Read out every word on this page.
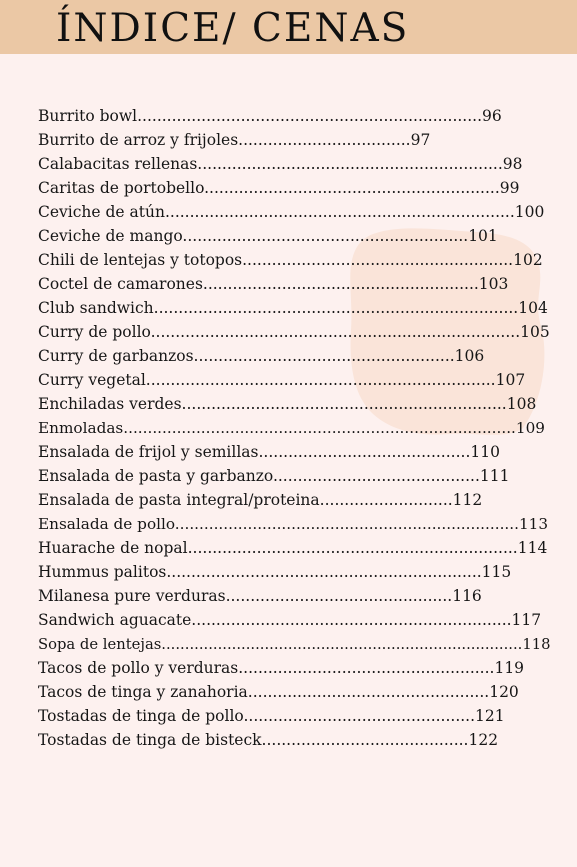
ÍNDICE/ CENAS
Burrito bowl......................................................................96
Burrito de arroz y frijoles...................................97
Calabacitas rellenas..............................................................98
Caritas de portobello............................................................99
Ceviche de atún.......................................................................100
Ceviche de mango..........................................................101
Chili de lentejas y totopos.......................................................102
Coctel de camarones........................................................103
Club sandwich..........................................................................104
Curry de pollo...........................................................................105
Curry de garbanzos.....................................................106
Curry vegetal.......................................................................107
Enchiladas verdes..................................................................108
Enmoladas.................................................................................109
Ensalada de frijol y semillas...........................................110
Ensalada de pasta y garbanzo..........................................111
Ensalada de pasta integral/proteina...........................112
Ensalada de pollo.......................................................................113
Huarache de nopal...................................................................114
Hummus palitos................................................................115
Milanesa pure verduras..............................................116
Sandwich aguacate.................................................................117
Sopa de lentejas.............................................................................118
Tacos de pollo y verduras....................................................119
Tacos de tinga y zanahoria.................................................120
Tostadas de tinga de pollo...............................................121
Tostadas de tinga de bisteck..........................................122
